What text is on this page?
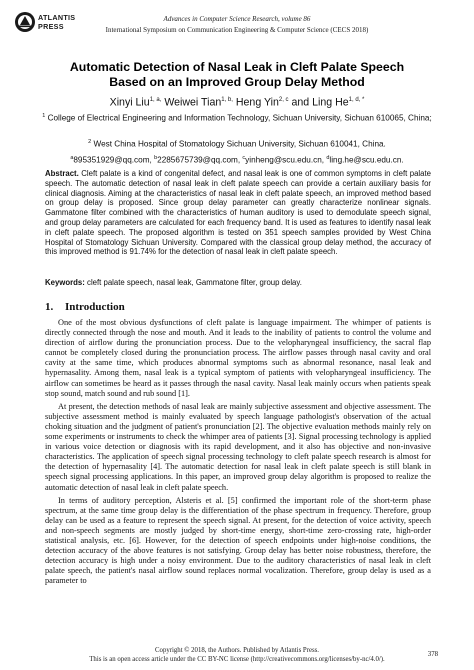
ATLANTIS
PRESS
Advances in Computer Science Research, volume 86
International Symposium on Communication Engineering & Computer Science (CECS 2018)
Automatic Detection of Nasal Leak in Cleft Palate Speech
Based on an Improved Group Delay Method
Xinyi Liu$^{1, a,}$ Weiwei Tian$^{1, b,}$ Heng Yin$^{2, c}$ and Ling $He^{1, d, *}$
$^1$ College of Electrical Engineering and Information Technology, Sichuan University, Sichuan 610065, China;
$^2$ West China Hospital of Stomatology Sichuan University, Sichuan 610041, China.
$^a$895351929@qq.com, $^b$2285675739@qq.com, $^c$yinheng@scu.edu.cn, $^d$ling.he@scu.edu.cn.
Abstract. Cleft palate is a kind of congenital defect, and nasal leak is one of common symptoms in cleft palate speech. The automatic detection of nasal leak in cleft palate speech can provide a certain auxiliary basis for clinical diagnosis. Aiming at the characteristics of nasal leak in cleft palate speech, an improved method based on group delay is proposed. Since group delay parameter can greatly characterize nonlinear signals. Gammatone filter combined with the characteristics of human auditory is used to demodulate speech signal, and group delay parameters are calculated for each frequency band. It is used as features to identify nasal leak in cleft palate speech. The proposed algorithm is tested on 351 speech samples provided by West China Hospital of Stomatology Sichuan University. Compared with the classical group delay method, the accuracy of this improved method is 91.74% for the detection of nasal leak in cleft palate speech.
Keywords: cleft palate speech, nasal leak, Gammatone filter, group delay.
1. Introduction

One of the most obvious dysfunctions of cleft palate is language impairment. The whimper of patients is directly connected through the nose and mouth. And it leads to the inability of patients to control the volume and direction of airflow during the pronunciation process. Due to the velopharyngeal insufficiency, the sacral flap cannot be completely closed during the pronunciation process. The airflow passes through nasal cavity and oral cavity at the same time, which produces abnormal symptoms such as abnormal resonance, nasal leak and hypernasality. Among them, nasal leak is a typical symptom of patients with velopharyngeal insufficiency. The airflow can sometimes be heard as it passes through the nasal cavity. Nasal leak mainly occurs when patients speak stop sound, match sound and rub sound [1].

At present, the detection methods of nasal leak are mainly subjective assessment and objective assessment. The subjective assessment method is mainly evaluated by speech language pathologist's observation of the actual choking situation and the judgment of patient's pronunciation [2]. The objective evaluation methods mainly rely on some experiments or instruments to check the whimper area of patients [3]. Signal processing technology is applied in various voice detection or diagnosis with its rapid development, and it also has objective and non-invasive characteristics. The application of speech signal processing technology to cleft palate speech research is almost for the detection of hypernasality [4]. The automatic detection for nasal leak in cleft palate speech is still blank in speech signal processing applications. In this paper, an improved group delay algorithm is proposed to realize the automatic detection of nasal leak in cleft palate speech.

In terms of auditory perception, Alsteris et al. [5] confirmed the important role of the short-term phase spectrum, at the same time group delay is the differentiation of the phase spectrum in frequency. Therefore, group delay can be used as a feature to represent the speech signal. At present, for the detection of voice activity, speech and non-speech segments are mostly judged by short-time energy, short-time zero-crossing rate, high-order statistical analysis, etc. [6]. However, for the detection of speech endpoints under high-noise conditions, the detection accuracy of the above features is not satisfying. Group delay has better noise robustness, therefore, the detection accuracy is high under a noisy environment. Due to the auditory characteristics of nasal leak in cleft palate speech, the patient's nasal airflow sound replaces normal vocalization. Therefore, group delay is used as a parameter to

Copyright © 2018, the Authors. Published by Atlantis Press.
This is an open access article under the CC BY-NC license (http://creativecommons.org/licenses/by-nc/4.0/).
378
